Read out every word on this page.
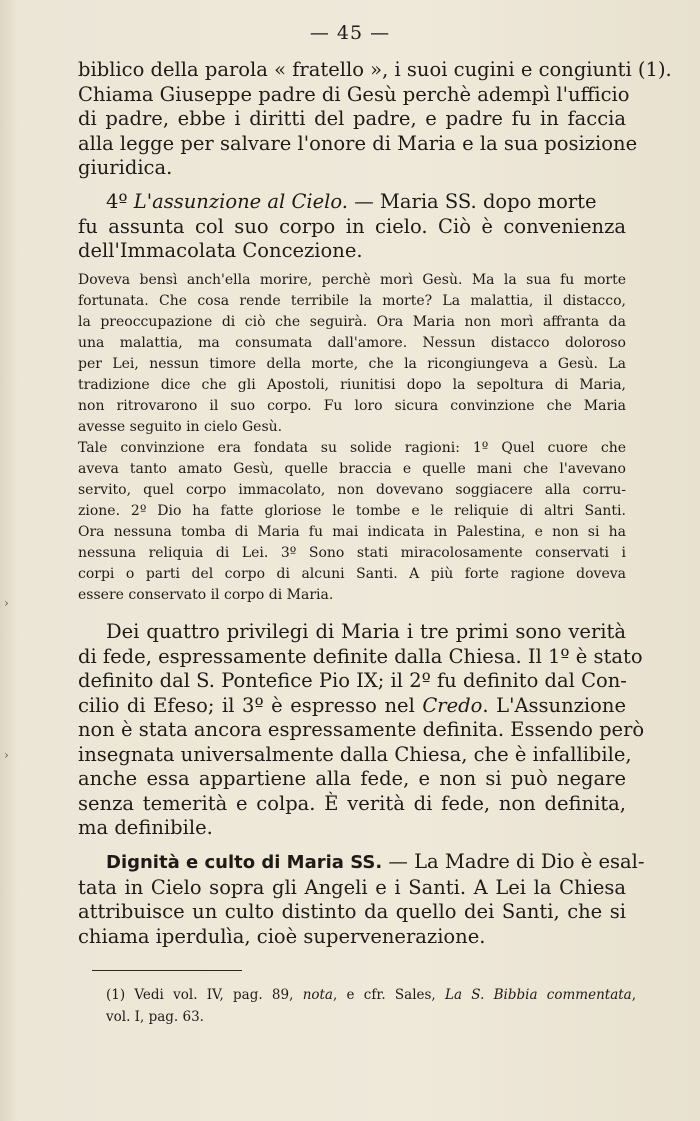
— 45 —
biblico della parola « fratello », i suoi cugini e congiunti (1).
Chiama Giuseppe padre di Gesù perchè adempì l'ufficio
di padre, ebbe i diritti del padre, e padre fu in faccia
alla legge per salvare l'onore di Maria e la sua posizione
giuridica.
4º L'assunzione al Cielo. — Maria SS. dopo morte
fu assunta col suo corpo in cielo. Ciò è convenienza
dell'Immacolata Concezione.
Doveva bensì anch'ella morire, perchè morì Gesù. Ma la sua fu morte
fortunata. Che cosa rende terribile la morte? La malattia, il distacco,
la preoccupazione di ciò che seguirà. Ora Maria non morì affranta da
una malattia, ma consumata dall'amore. Nessun distacco doloroso
per Lei, nessun timore della morte, che la ricongiungeva a Gesù. La
tradizione dice che gli Apostoli, riunitisi dopo la sepoltura di Maria,
non ritrovarono il suo corpo. Fu loro sicura convinzione che Maria
avesse seguito in cielo Gesù.
Tale convinzione era fondata su solide ragioni: 1º Quel cuore che
aveva tanto amato Gesù, quelle braccia e quelle mani che l'avevano
servito, quel corpo immacolato, non dovevano soggiacere alla corru-
zione. 2º Dio ha fatte gloriose le tombe e le reliquie di altri Santi.
Ora nessuna tomba di Maria fu mai indicata in Palestina, e non si ha
nessuna reliquia di Lei. 3º Sono stati miracolosamente conservati i
corpi o parti del corpo di alcuni Santi. A più forte ragione doveva
essere conservato il corpo di Maria.
Dei quattro privilegi di Maria i tre primi sono verità
di fede, espressamente definite dalla Chiesa. Il 1º è stato
definito dal S. Pontefice Pio IX; il 2º fu definito dal Con-
cilio di Efeso; il 3º è espresso nel Credo. L'Assunzione
non è stata ancora espressamente definita. Essendo però
insegnata universalmente dalla Chiesa, che è infallibile,
anche essa appartiene alla fede, e non si può negare
senza temerità e colpa. È verità di fede, non definita,
ma definibile.
Dignità e culto di Maria SS. — La Madre di Dio è esal-
tata in Cielo sopra gli Angeli e i Santi. A Lei la Chiesa
attribuisce un culto distinto da quello dei Santi, che si
chiama iperdulìa, cioè supervenerazione.
(1) Vedi vol. IV, pag. 89, nota, e cfr. Sales, La S. Bibbia commentata,
vol. I, pag. 63.
›
›
